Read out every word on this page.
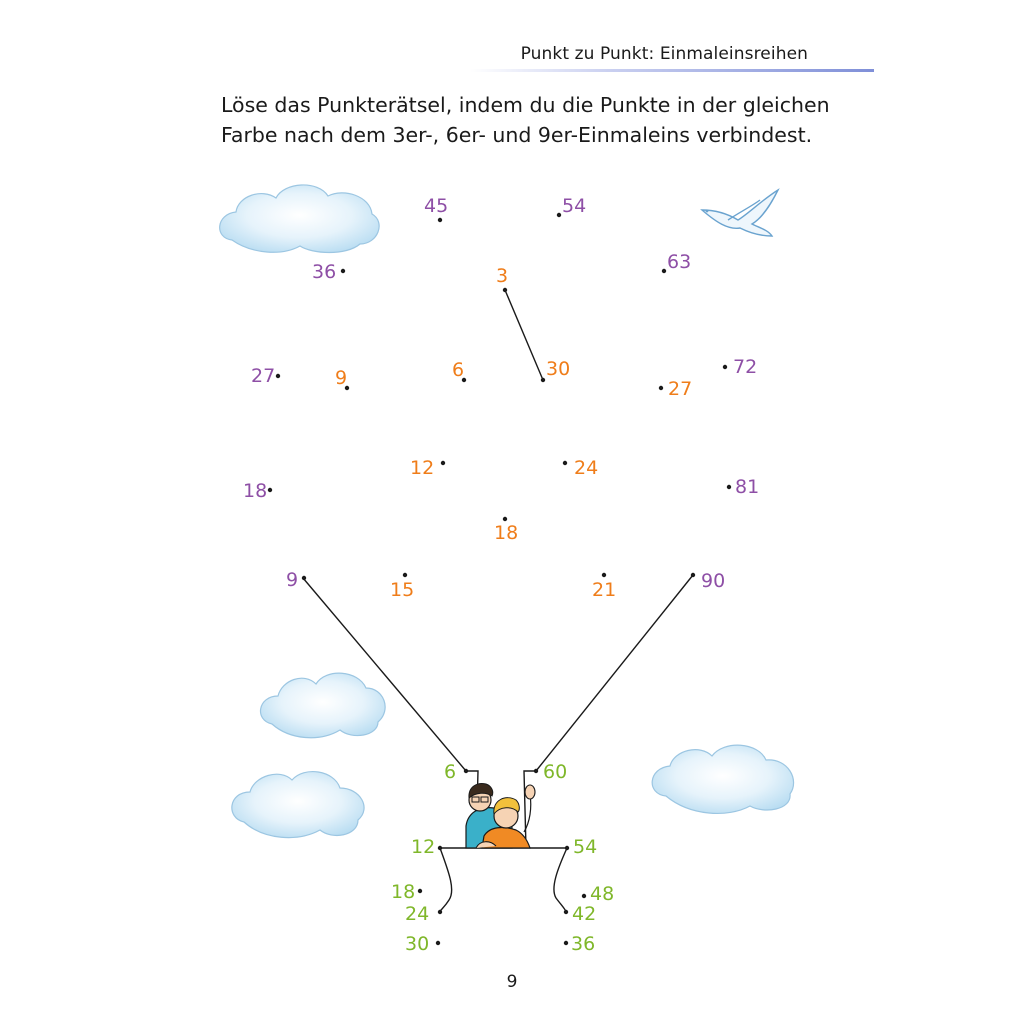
Punkt zu Punkt: Einmaleinsreihen
Löse das Punkterätsel, indem du die Punkte in der gleichen
Farbe nach dem 3er-, 6er- und 9er-Einmaleins verbindest.
9
18
27
36
45	54
63
72
81
90
3
6
9
12
15
18
21
24
27
30
6
12
18
24
30	36
42
48
54
60
9
